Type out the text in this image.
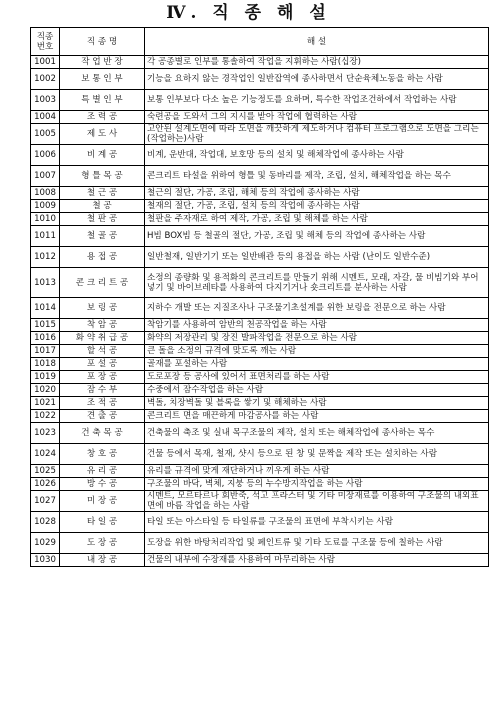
Ⅳ. 직 종 해 설
직종
번호	직 종 명	해 설
1001	작 업 반 장	각 공종별로 인부를 통솔하여 작업을 지휘하는 사람(십장)
1002	보 통 인 부	기능을 요하지 않는 경작업인 일반잡역에 종사하면서 단순육체노동을 하는 사람
1003	특 별 인 부	보통 인부보다 다소 높은 기능정도를 요하며, 특수한 작업조건하에서 작업하는 사람
1004	조 력 공	숙련공을 도와서 그의 지시를 받아 작업에 협력하는 사람
1005	제 도 사	고안된 설계도면에 따라 도면을 깨끗하게 제도하거나 컴퓨터 프로그램으로 도면을 그리는(작업하는)사람
1006	비 계 공	비계, 운반대, 작업대, 보호망 등의 설치 및 해체작업에 종사하는 사람
1007	형 틀 목 공	콘크리트 타설을 위하여 형틀 및 동바리를 제작, 조립, 설치, 해체작업을 하는 목수
1008	철 근 공	철근의 절단, 가공, 조립, 해체 등의 작업에 종사하는 사람
1009	철 공	철재의 절단, 가공, 조립, 설치 등의 작업에 종사하는 사람
1010	철 판 공	철판을 주자재로 하여 제작, 가공, 조립 및 해체를 하는 사람
1011	철 골 공	H빔 BOX빔 등 철골의 절단, 가공, 조립 및 해체 등의 작업에 종사하는 사람
1012	용 접 공	일반철재, 일반기기 또는 일반배관 등의 용접을 하는 사람 (난이도 일반수준)
1013	콘 크 리 트 공	소정의 종량화 및 용적화의 콘크리트를 만들기 위해 시멘트, 모래, 자갈, 물 비빔기와 부어넣기 및 바이브레타를 사용하여 다지기거나 숏크리트를 분사하는 사람
1014	보 링 공	지하수 개발 또는 지질조사나 구조물기초설계를 위한 보링을 전문으로 하는 사람
1015	착 암 공	착암기를 사용하여 암반의 천공작업을 하는 사람
1016	화 약 취 급 공	화약의 저장관리 및 장진 발파작업을 전문으로 하는 사람
1017	할 석 공	큰 돌을 소정의 규격에 맞도록 깨는 사람
1018	포 설 공	골재를 포설하는 사람
1019	포 장 공	도로포장 등 공사에 있어서 표면처리를 하는 사람
1020	잠 수 부	수중에서 잠수작업을 하는 사람
1021	조 적 공	벽돌, 치장벽돌 및 블록을 쌓기 및 해체하는 사람
1022	견 출 공	콘크리트 면을 매끈하게 마감공사를 하는 사람
1023	건 축 목 공	건축물의 축조 및 실내 목구조물의 제작, 설치 또는 해체작업에 종사하는 목수
1024	창 호 공	건물 등에서 목재, 철재, 샷시 등으로 된 창 및 문짝을 제작 또는 설치하는 사람
1025	유 리 공	유리를 규격에 맞게 재단하거나 끼우게 하는 사람
1026	방 수 공	구조물의 바닥, 벽체, 지붕 등의 누수방지작업을 하는 사람
1027	미 장 공	시멘트, 모르타르나 회반죽, 석고 프라스터 및 기타 미장재료를 이용하여 구조물의 내외표면에 바름 작업을 하는 사람
1028	타 일 공	타일 또는 아스타일 등 타일류를 구조물의 표면에 부착시키는 사람
1029	도 장 공	도장을 위한 바탕처리작업 및 페인트류 및 기타 도료를 구조물 등에 칠하는 사람
1030	내 장 공	건물의 내부에 수장재를 사용하여 마무리하는 사람
